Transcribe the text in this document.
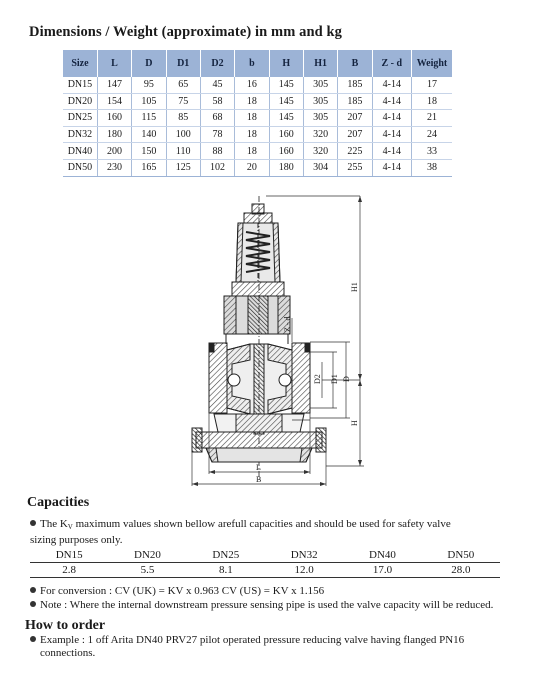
Dimensions / Weight (approximate) in mm and kg
Size	L	D	D1	D2	b	H	H1	B	Z - d	Weight
DN15	147	95	65	45	16	145	305	185	4-14	17
DN20	154	105	75	58	18	145	305	185	4-14	18
DN25	160	115	85	68	18	145	305	207	4-14	21
DN32	180	140	100	78	18	160	320	207	4-14	24
DN40	200	150	110	88	18	160	320	225	4-14	33
DN50	230	165	125	102	20	180	304	255	4-14	38
H1
H
D
D1
D2
Z - d
L
B
Capacities
The $K_V$ maximum values shown bellow arefull capacities and should be used for safety valve
sizing purposes only.
DN15	DN20	DN25	DN32	DN40	DN50
2.8	5.5	8.1	12.0	17.0	28.0
For conversion : CV (UK) = KV x 0.963 CV (US) = KV x 1.156
Note : Where the internal downstream pressure sensing pipe is used the valve capacity will be reduced.
How to order
Example : 1 off Arita DN40 PRV27 pilot operated pressure reducing valve having flanged PN16
connections.
